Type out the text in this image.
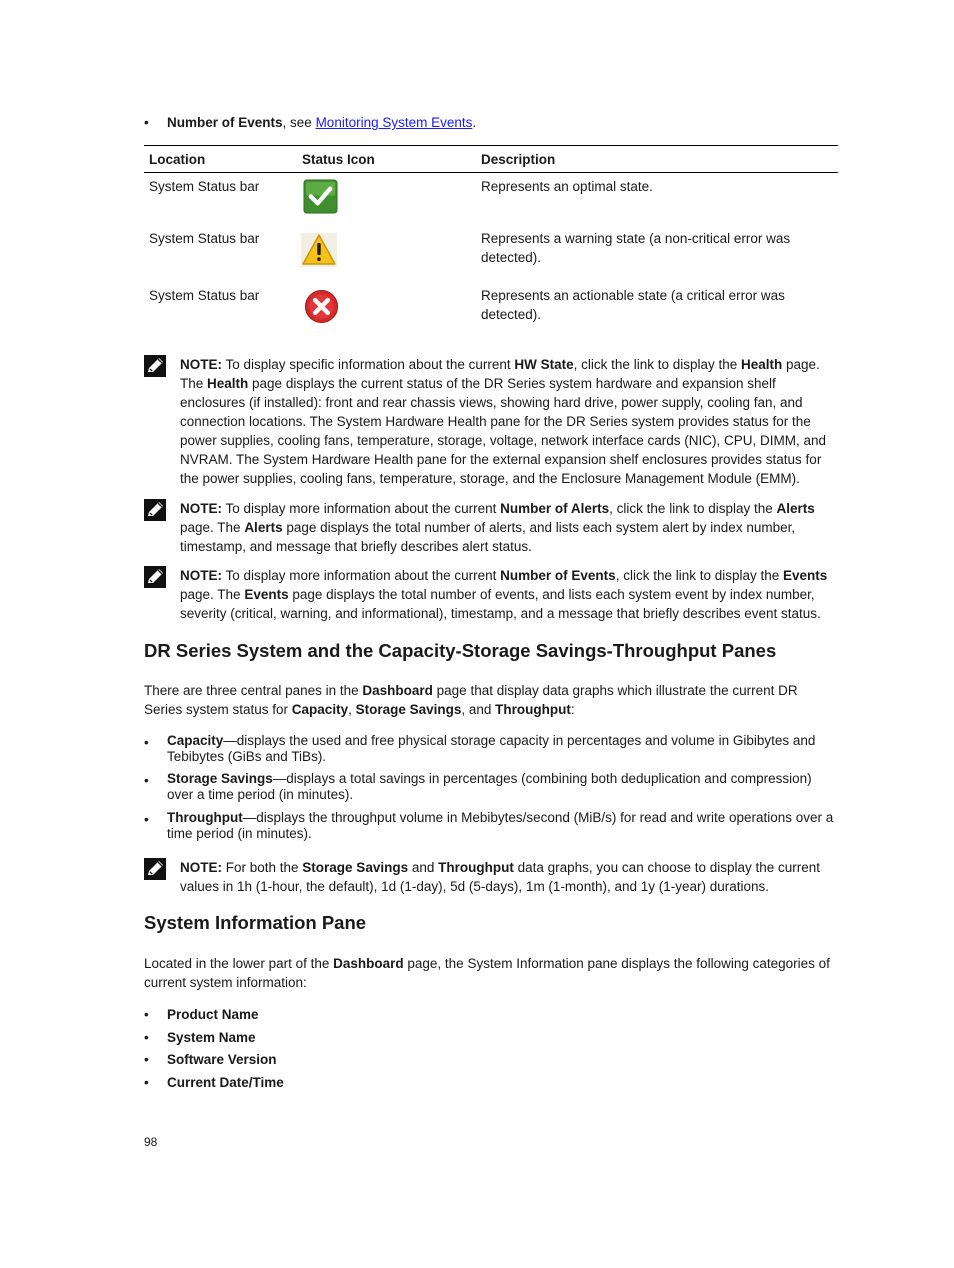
• Number of Events, see Monitoring System Events.
Location	Status Icon	Description
System Status bar	Represents an optimal state.
System Status bar	Represents a warning state (a non-critical error was detected).
System Status bar	Represents an actionable state (a critical error was detected).
NOTE: To display specific information about the current HW State, click the link to display the Health page. The Health page displays the current status of the DR Series system hardware and expansion shelf enclosures (if installed): front and rear chassis views, showing hard drive, power supply, cooling fan, and connection locations. The System Hardware Health pane for the DR Series system provides status for the power supplies, cooling fans, temperature, storage, voltage, network interface cards (NIC), CPU, DIMM, and NVRAM. The System Hardware Health pane for the external expansion shelf enclosures provides status for the power supplies, cooling fans, temperature, storage, and the Enclosure Management Module (EMM).
NOTE: To display more information about the current Number of Alerts, click the link to display the Alerts page. The Alerts page displays the total number of alerts, and lists each system alert by index number, timestamp, and message that briefly describes alert status.
NOTE: To display more information about the current Number of Events, click the link to display the Events page. The Events page displays the total number of events, and lists each system event by index number, severity (critical, warning, and informational), timestamp, and a message that briefly describes event status.
DR Series System and the Capacity-Storage Savings-Throughput Panes
There are three central panes in the Dashboard page that display data graphs which illustrate the current DR Series system status for Capacity, Storage Savings, and Throughput:
• Capacity—displays the used and free physical storage capacity in percentages and volume in Gibibytes and Tebibytes (GiBs and TiBs).
• Storage Savings—displays a total savings in percentages (combining both deduplication and compression) over a time period (in minutes).
• Throughput—displays the throughput volume in Mebibytes/second (MiB/s) for read and write operations over a time period (in minutes).
NOTE: For both the Storage Savings and Throughput data graphs, you can choose to display the current values in 1h (1-hour, the default), 1d (1-day), 5d (5-days), 1m (1-month), and 1y (1-year) durations.
System Information Pane
Located in the lower part of the Dashboard page, the System Information pane displays the following categories of current system information:
• Product Name
• System Name
• Software Version
• Current Date/Time
98
